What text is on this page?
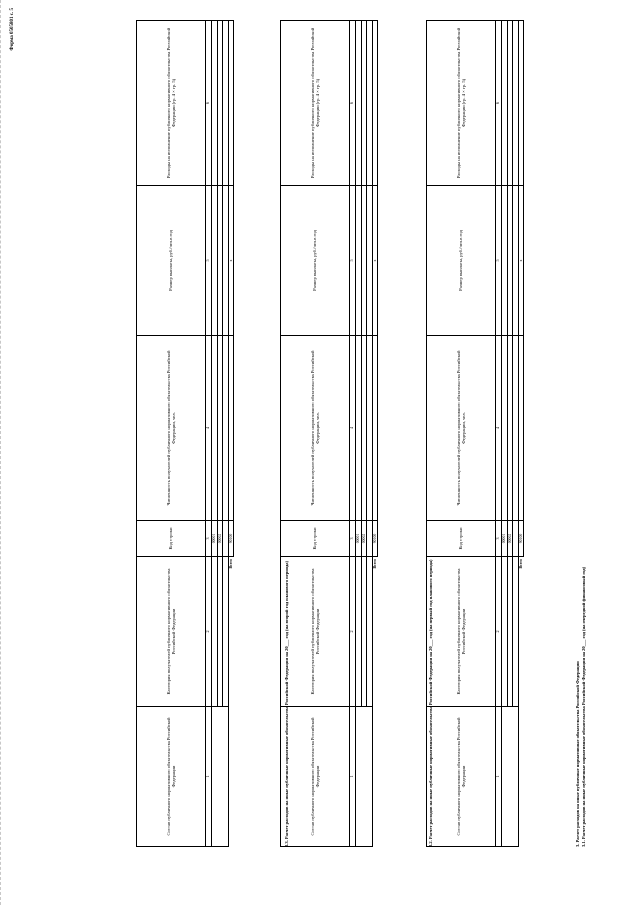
Форма 0505801 с. 5
3. Расчет расходов на иные публичные нормативные обязательства Российской Федерации 3.1. Расчет расходов на иные публичные нормативные обязательства Российской Федерации на 20___ год (на очередной финансовый год)
Состав публичного нормативного обязательства Российской Федерации	Категория получателей публичного нормативного обязательства Российской Федерации	Код строки	Численность получателей публичного нормативного обязательства Российской Федерации, чел.	Размер выплаты, руб./чел.в год	Расходы на исполнение публичного нормативного обязательства Российской Федерации (гр. 4 × гр. 5)
1	2	3	4	5	6
		00001			
		00002			

	Всего	90100		x	
3.2. Расчет расходов на иные публичные нормативные обязательства Российской Федерации на 20___ год (на первый год планового периода)
Состав публичного нормативного обязательства Российской Федерации	Категория получателей публичного нормативного обязательства Российской Федерации	Код строки	Численность получателей публичного нормативного обязательства Российской Федерации, чел.	Размер выплаты, руб./чел.в год	Расходы на исполнение публичного нормативного обязательства Российской Федерации (гр. 4 × гр. 5)
1	2	3	4	5	6
		00001			
		00002			

	Всего	90100		x	
3.3. Расчет расходов на иные публичные нормативные обязательства Российской Федерации на 20___ год (на второй год планового периода)
Состав публичного нормативного обязательства Российской Федерации	Категория получателей публичного нормативного обязательства Российской Федерации	Код строки	Численность получателей публичного нормативного обязательства Российской Федерации, чел.	Размер выплаты, руб./чел.в год	Расходы на исполнение публичного нормативного обязательства Российской Федерации (гр. 4 × гр. 5)
1	2	3	4	5	6
		00001			
		00002			

	Всего	90100		x	
